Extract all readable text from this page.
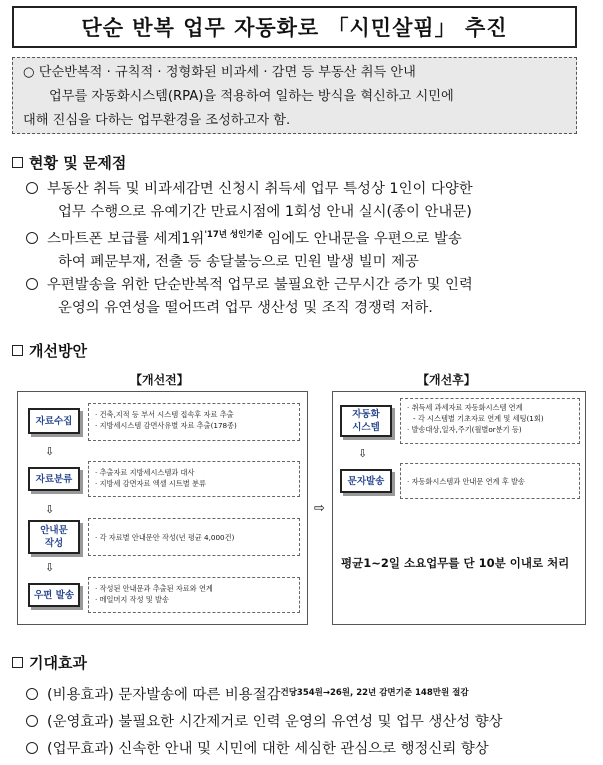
단순 반복 업무 자동화로 「시민살핌」 추진
○ 단순반복적 · 규칙적 · 정형화된 비과세 · 감면 등 부동산 취득 안내
업무를 자동화시스템(RPA)을 적용하여 일하는 방식을 혁신하고 시민에
대해 진심을 다하는 업무환경을 조성하고자 함.
현황 및 문제점
부동산 취득 및 비과세감면 신청시 취득세 업무 특성상 1인이 다양한
업무 수행으로 유예기간 만료시점에 1회성 안내 실시(종이 안내문)
스마트폰 보급률 세계1위$^{'17년 성인기준}$ 임에도 안내문을 우편으로 발송
하여 폐문부재, 전출 등 송달불능으로 민원 발생 빌미 제공
우편발송을 위한 단순반복적 업무로 불필요한 근무시간 증가 및 인력
운영의 유연성을 떨어뜨려 업무 생산성 및 조직 경쟁력 저하.
개선방안
【개선전】	【개선후】
자료수집
· 건축,지적 등 부서 시스템 접속후 자료 추출
· 지방세시스템 감면사유별 자료 추출(178종)
⇩
자료분류
· 추출자료 지방세시스템과 대사
· 지방세 감면자료 엑셀 시트별 분류
⇩
안내문
작성
· 각 자료별 안내문안 작성(년 평균 4,000건)
⇩
우편 발송
· 작성된 안내문과 추출된 자료와 연계
· 메일머지 작성 및 발송
⇨
자동화
시스템
· 취득세 과세자료 자동화시스템 연계
- 각 시스템별 기초자료 연계 및 세팅(1회)
· 발송대상,일자,주기(월별or분기 등)
⇩
문자발송	· 자동화시스템과 안내문 연계 후 발송
평균1~2일 소요업무를 단 10분 이내로 처리
기대효과
(비용효과) 문자발송에 따른 비용절감$^{건당354원\to 26원, 22년 감면기준 148만원 절감}$
(운영효과) 불필요한 시간제거로 인력 운영의 유연성 및 업무 생산성 향상
(업무효과) 신속한 안내 및 시민에 대한 세심한 관심으로 행정신뢰 향상
